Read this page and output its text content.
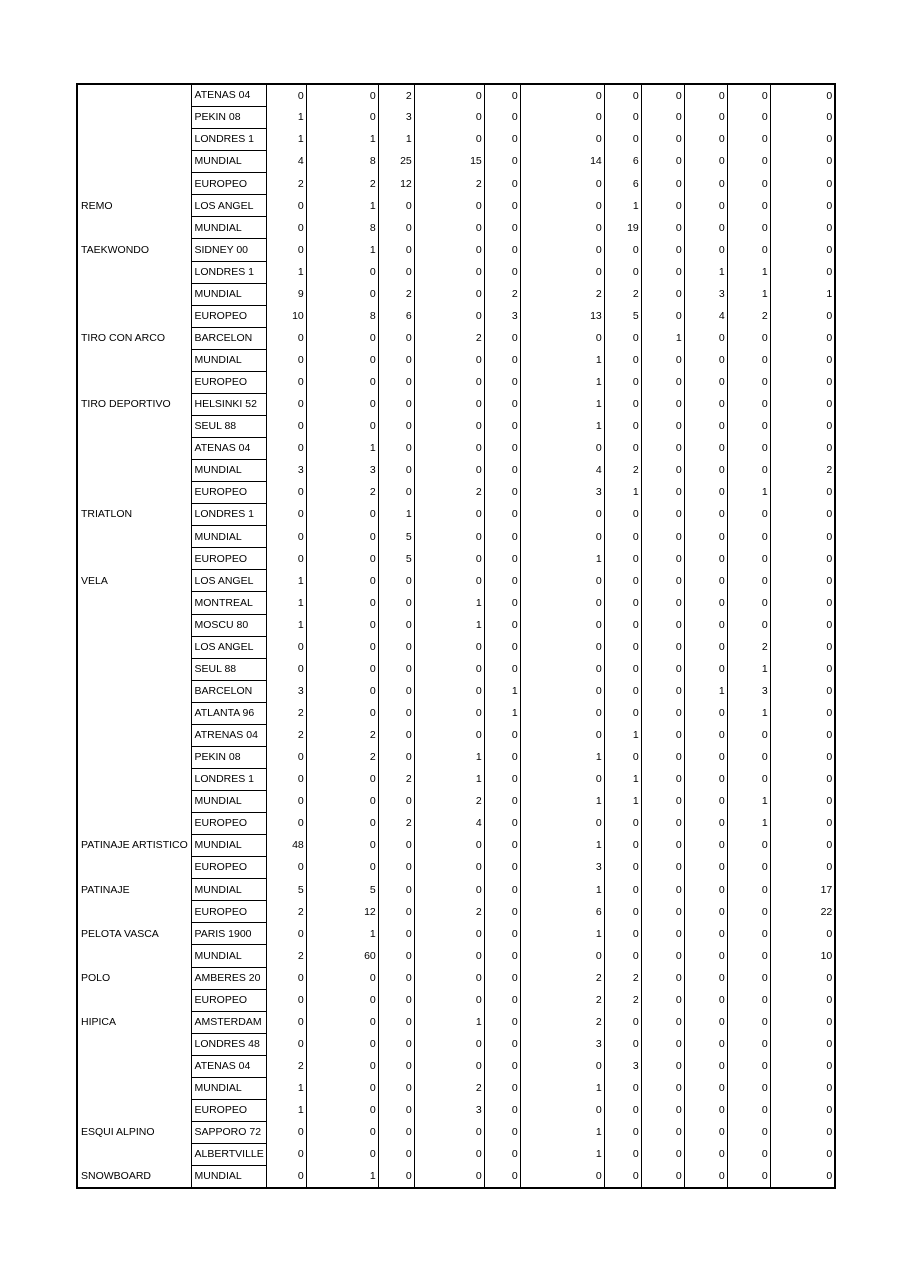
	ATENAS 04	0	0	2	0	0	0	0	0	0	0	0
	PEKIN 08	1	0	3	0	0	0	0	0	0	0	0
	LONDRES 1	1	1	1	0	0	0	0	0	0	0	0
	MUNDIAL	4	8	25	15	0	14	6	0	0	0	0
	EUROPEO	2	2	12	2	0	0	6	0	0	0	0
REMO	LOS ANGEL	0	1	0	0	0	0	1	0	0	0	0
	MUNDIAL	0	8	0	0	0	0	19	0	0	0	0
TAEKWONDO	SIDNEY 00	0	1	0	0	0	0	0	0	0	0	0
	LONDRES 1	1	0	0	0	0	0	0	0	1	1	0
	MUNDIAL	9	0	2	0	2	2	2	0	3	1	1
	EUROPEO	10	8	6	0	3	13	5	0	4	2	0
TIRO CON ARCO	BARCELON	0	0	0	2	0	0	0	1	0	0	0
	MUNDIAL	0	0	0	0	0	1	0	0	0	0	0
	EUROPEO	0	0	0	0	0	1	0	0	0	0	0
TIRO DEPORTIVO	HELSINKI 52	0	0	0	0	0	1	0	0	0	0	0
	SEUL 88	0	0	0	0	0	1	0	0	0	0	0
	ATENAS 04	0	1	0	0	0	0	0	0	0	0	0
	MUNDIAL	3	3	0	0	0	4	2	0	0	0	2
	EUROPEO	0	2	0	2	0	3	1	0	0	1	0
TRIATLON	LONDRES 1	0	0	1	0	0	0	0	0	0	0	0
	MUNDIAL	0	0	5	0	0	0	0	0	0	0	0
	EUROPEO	0	0	5	0	0	1	0	0	0	0	0
VELA	LOS ANGEL	1	0	0	0	0	0	0	0	0	0	0
	MONTREAL	1	0	0	1	0	0	0	0	0	0	0
	MOSCU 80	1	0	0	1	0	0	0	0	0	0	0
	LOS ANGEL	0	0	0	0	0	0	0	0	0	2	0
	SEUL 88	0	0	0	0	0	0	0	0	0	1	0
	BARCELON	3	0	0	0	1	0	0	0	1	3	0
	ATLANTA 96	2	0	0	0	1	0	0	0	0	1	0
	ATRENAS 04	2	2	0	0	0	0	1	0	0	0	0
	PEKIN 08	0	2	0	1	0	1	0	0	0	0	0
	LONDRES 1	0	0	2	1	0	0	1	0	0	0	0
	MUNDIAL	0	0	0	2	0	1	1	0	0	1	0
	EUROPEO	0	0	2	4	0	0	0	0	0	1	0
PATINAJE ARTISTICO	MUNDIAL	48	0	0	0	0	1	0	0	0	0	0
	EUROPEO	0	0	0	0	0	3	0	0	0	0	0
PATINAJE	MUNDIAL	5	5	0	0	0	1	0	0	0	0	17
	EUROPEO	2	12	0	2	0	6	0	0	0	0	22
PELOTA VASCA	PARIS 1900	0	1	0	0	0	1	0	0	0	0	0
	MUNDIAL	2	60	0	0	0	0	0	0	0	0	10
POLO	AMBERES 20	0	0	0	0	0	2	2	0	0	0	0
	EUROPEO	0	0	0	0	0	2	2	0	0	0	0
HIPICA	AMSTERDAM	0	0	0	1	0	2	0	0	0	0	0
	LONDRES 48	0	0	0	0	0	3	0	0	0	0	0
	ATENAS 04	2	0	0	0	0	0	3	0	0	0	0
	MUNDIAL	1	0	0	2	0	1	0	0	0	0	0
	EUROPEO	1	0	0	3	0	0	0	0	0	0	0
ESQUI ALPINO	SAPPORO 72	0	0	0	0	0	1	0	0	0	0	0
	ALBERTVILLE	0	0	0	0	0	1	0	0	0	0	0
SNOWBOARD	MUNDIAL	0	1	0	0	0	0	0	0	0	0	0
